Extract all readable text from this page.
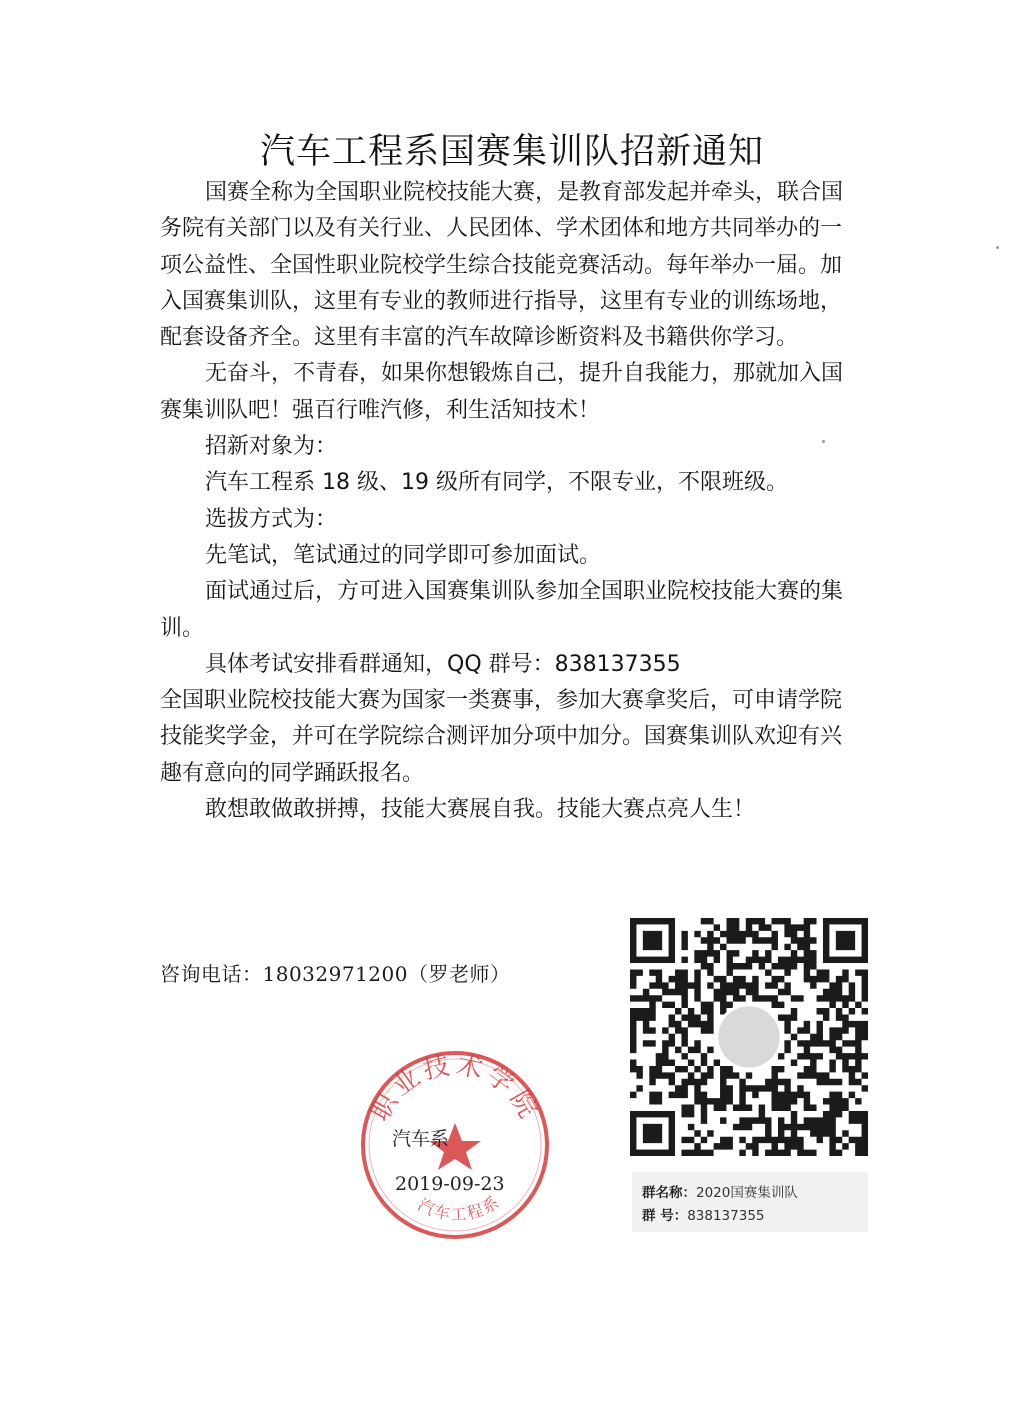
汽车工程系国赛集训队招新通知

国赛全称为全国职业院校技能大赛，是教育部发起并牵头，联合国务院有关部门以及有关行业、人民团体、学术团体和地方共同举办的一项公益性、全国性职业院校学生综合技能竞赛活动。每年举办一届。加入国赛集训队，这里有专业的教师进行指导，这里有专业的训练场地，配套设备齐全。这里有丰富的汽车故障诊断资料及书籍供你学习。

无奋斗，不青春，如果你想锻炼自己，提升自我能力，那就加入国赛集训队吧！强百行唯汽修，利生活知技术！

招新对象为：

汽车工程系 18 级、19 级所有同学，不限专业，不限班级。

选拔方式为：

先笔试，笔试通过的同学即可参加面试。

面试通过后，方可进入国赛集训队参加全国职业院校技能大赛的集训。

具体考试安排看群通知，QQ 群号：838137355

全国职业院校技能大赛为国家一类赛事，参加大赛拿奖后，可申请学院技能奖学金，并可在学院综合测评加分项中加分。国赛集训队欢迎有兴趣有意向的同学踊跃报名。

敢想敢做敢拼搏，技能大赛展自我。技能大赛点亮人生！

咨询电话：18032971200（罗老师）
职业技术学院
汽车工程系
汽车系
2019-09-23	群名称：2020国赛集训队
群 号：838137355
